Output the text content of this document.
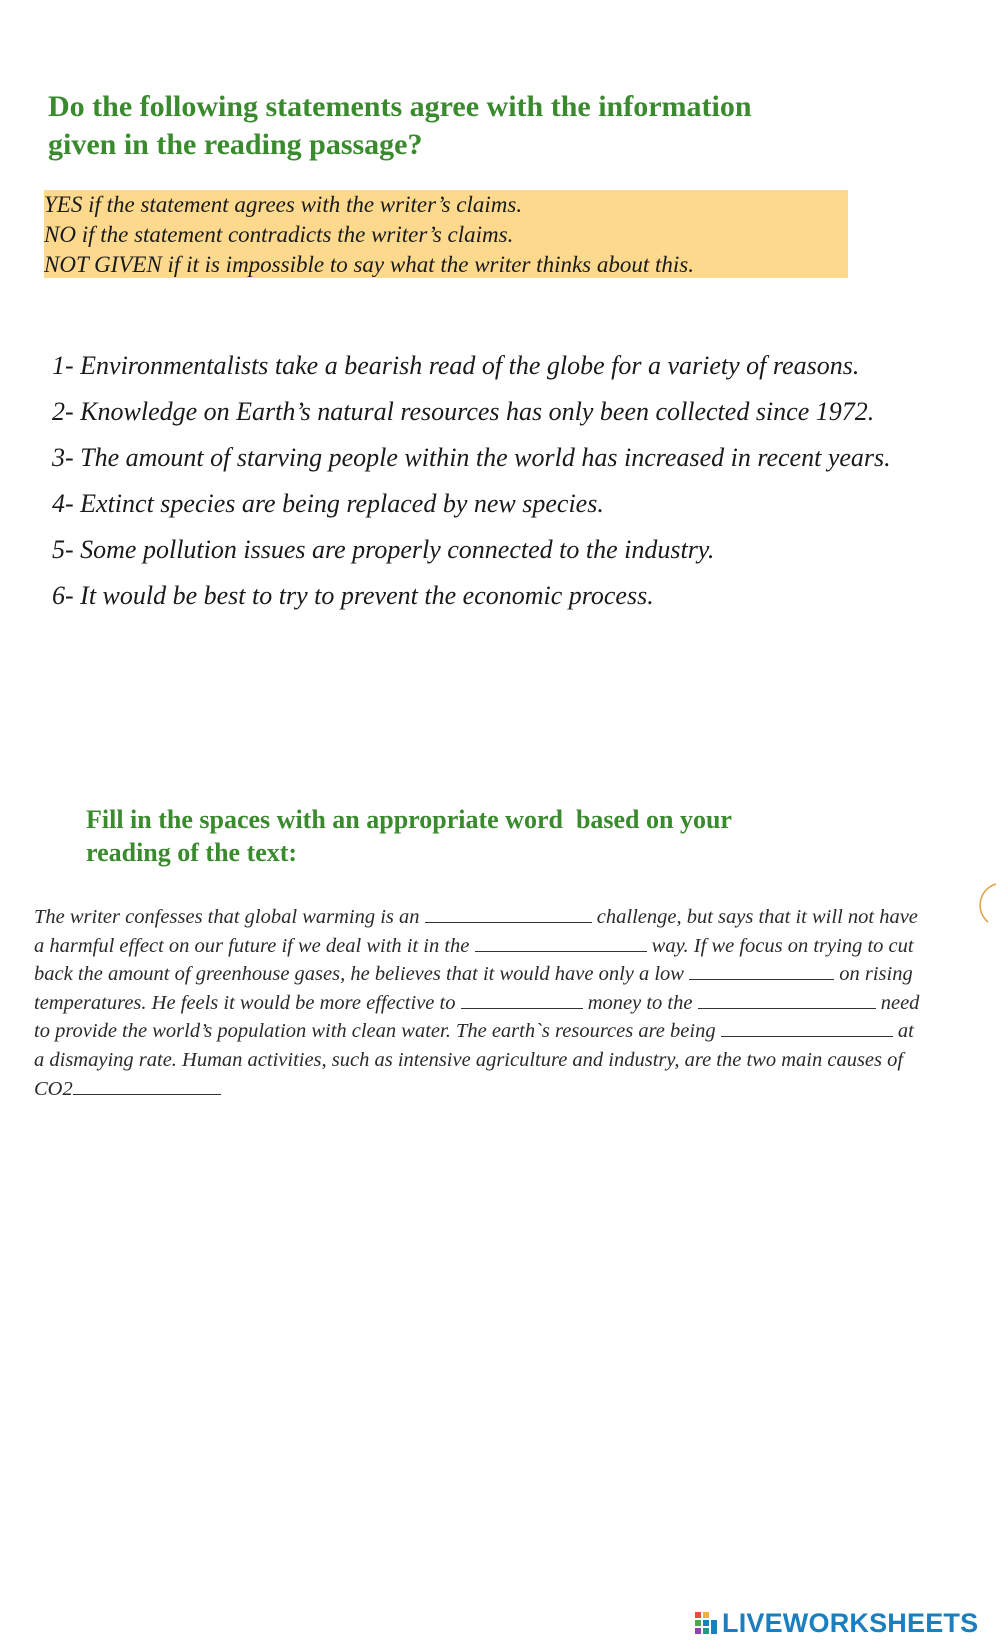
Do the following statements agree with the information
given in the reading passage?
YES if the statement agrees with the writer’s claims.
NO if the statement contradicts the writer’s claims.
NOT GIVEN if it is impossible to say what the writer thinks about this.
1- Environmentalists take a bearish read of the globe for a variety of reasons.
2- Knowledge on Earth’s natural resources has only been collected since 1972.
3- The amount of starving people within the world has increased in recent years.
4- Extinct species are being replaced by new species.
5- Some pollution issues are properly connected to the industry.
6- It would be best to try to prevent the economic process.
Fill in the spaces with an appropriate word  based on your
reading of the text:
The writer confesses that global warming is an	challenge, but says that it will not have
a harmful effect on our future if we deal with it in the	way. If we focus on trying to cut
back the amount of greenhouse gases, he believes that it would have only a low	on rising
temperatures. He feels it would be more effective to	money to the	need
to provide the world’s population with clean water. The earth`s resources are being	at
a dismaying rate. Human activities, such as intensive agriculture and industry, are the two main causes of
CO2
LIVEWORKSHEETS
